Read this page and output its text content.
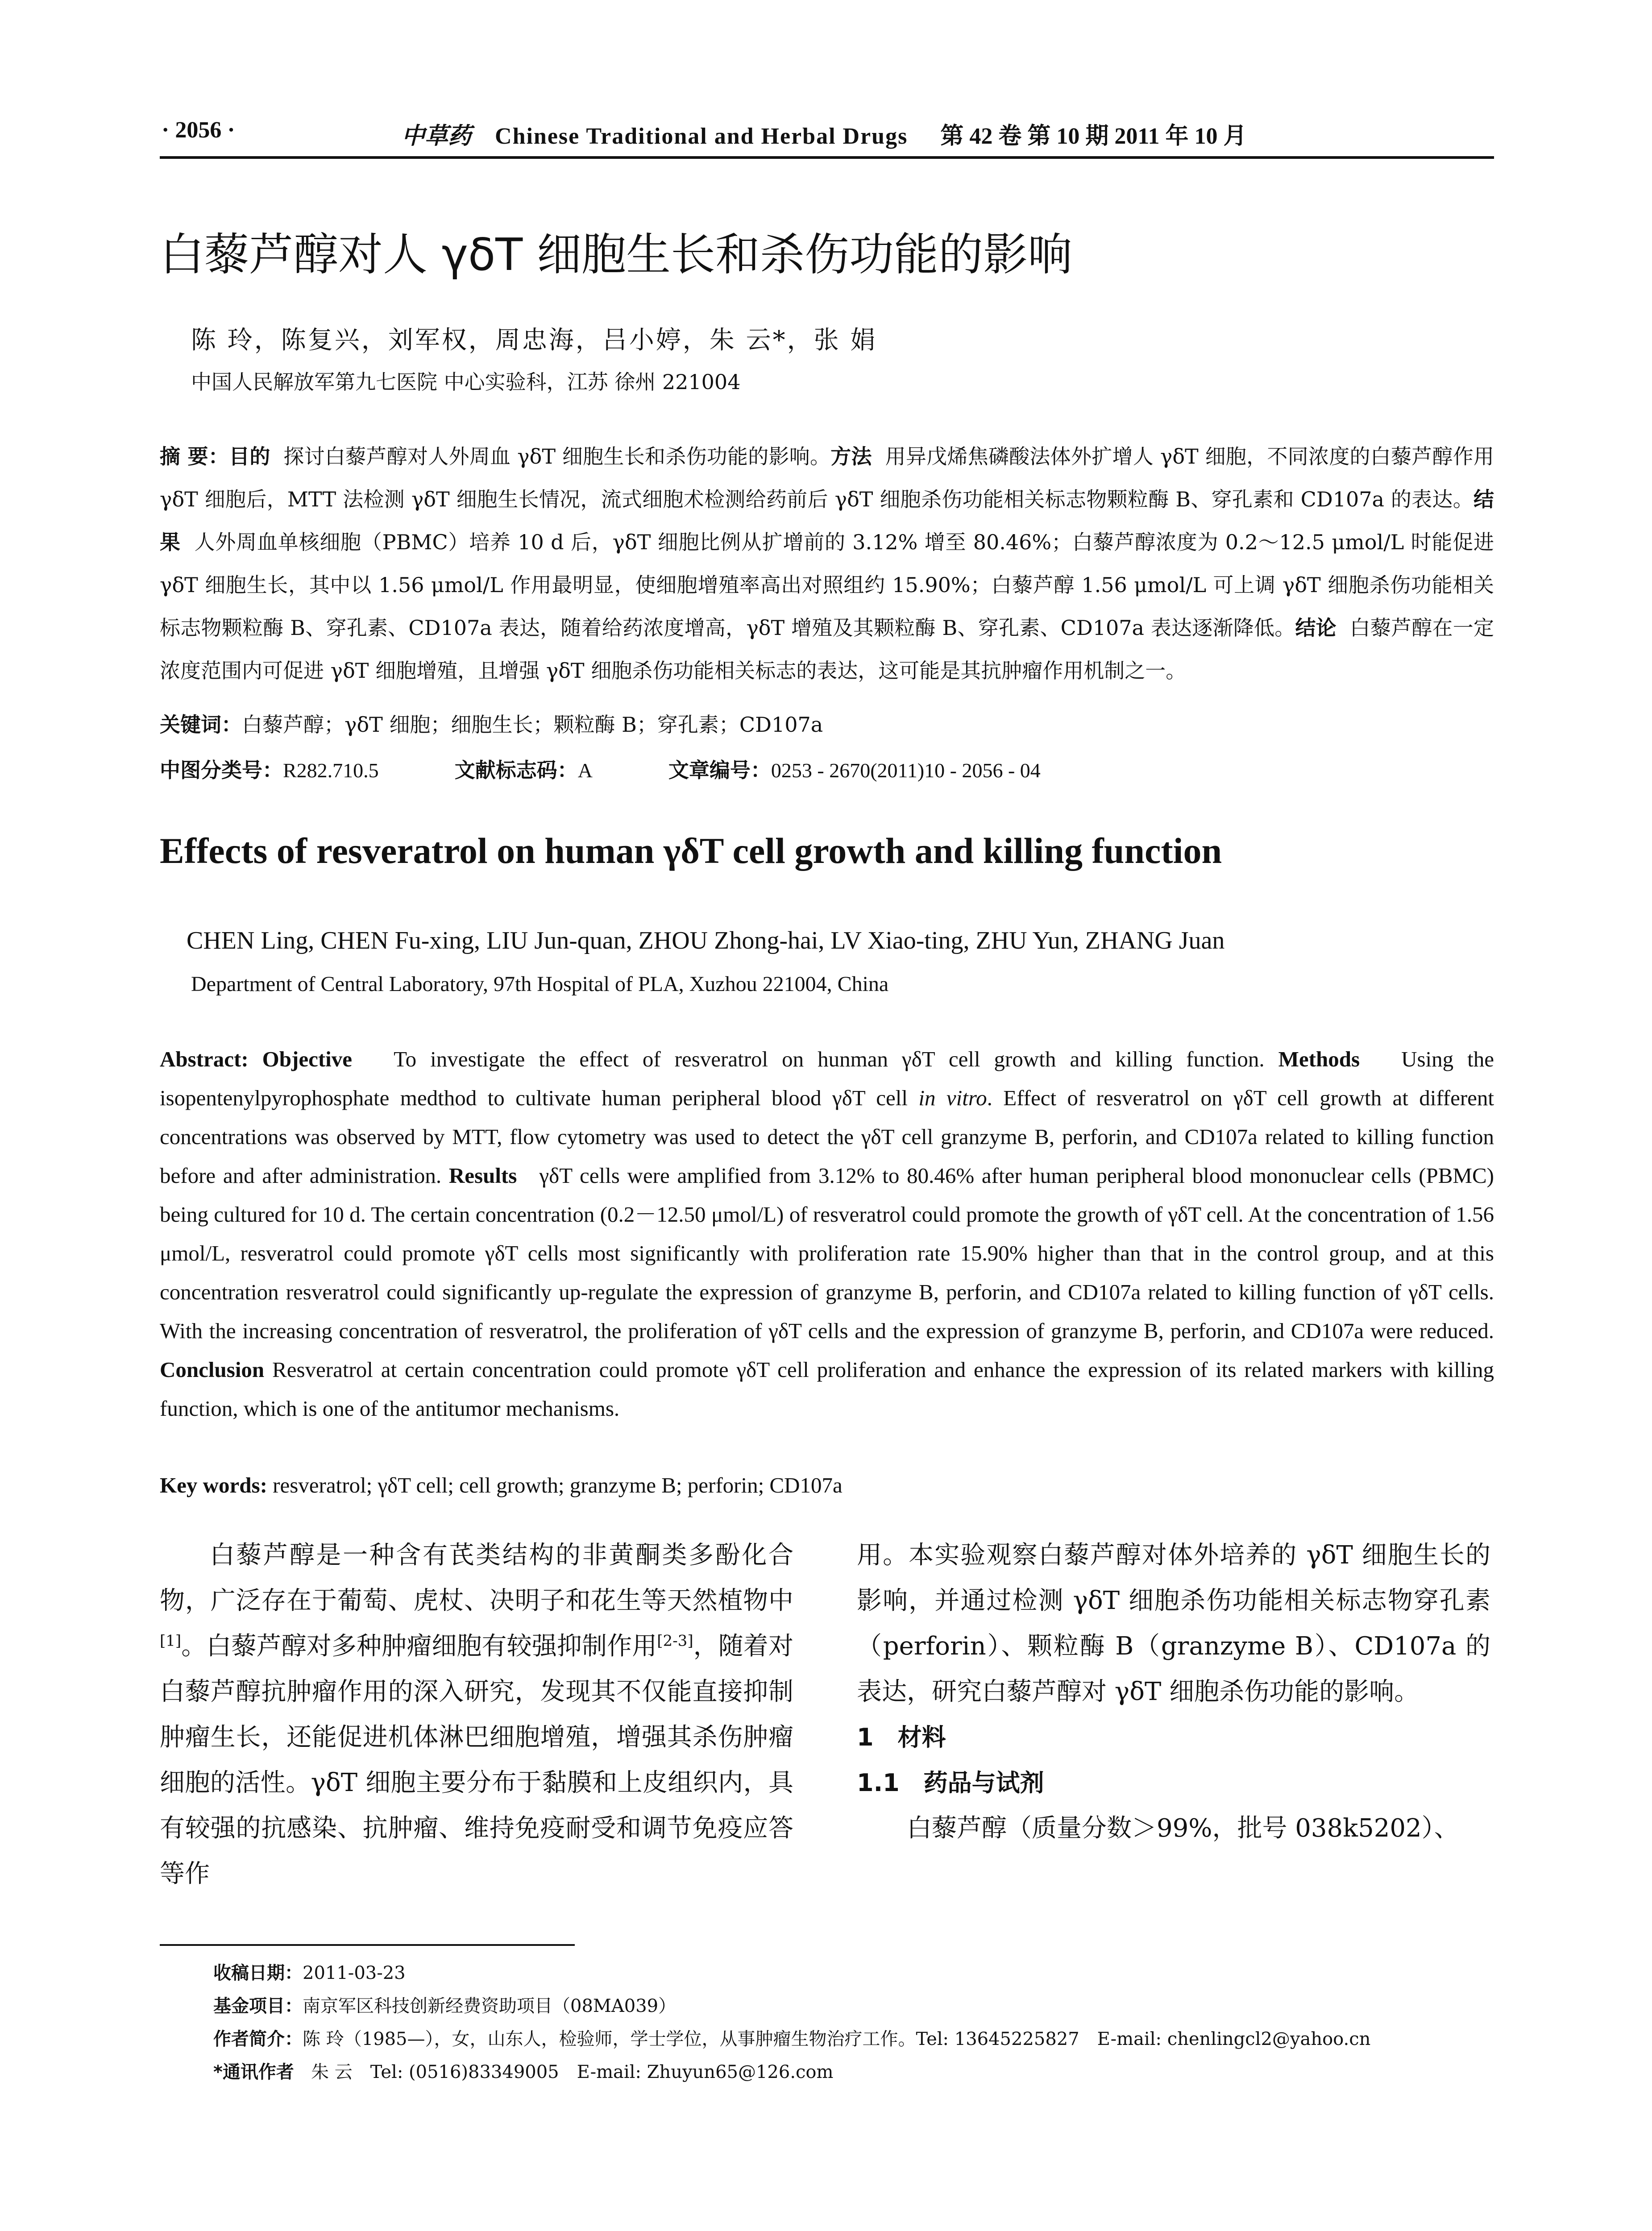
· 2056 ·	中草药 Chinese Traditional and Herbal Drugs 第 42 卷 第 10 期 2011 年 10 月
白藜芦醇对人 γδT 细胞生长和杀伤功能的影响
陈 玲，陈复兴，刘军权，周忠海，吕小婷，朱 云*，张 娟
中国人民解放军第九七医院 中心实验科，江苏 徐州 221004
摘 要：目的 探讨白藜芦醇对人外周血 γδT 细胞生长和杀伤功能的影响。方法 用异戊烯焦磷酸法体外扩增人 γδT 细胞，不同浓度的白藜芦醇作用 γδT 细胞后，MTT 法检测 γδT 细胞生长情况，流式细胞术检测给药前后 γδT 细胞杀伤功能相关标志物颗粒酶 B、穿孔素和 CD107a 的表达。结果 人外周血单核细胞（PBMC）培养 10 d 后，γδT 细胞比例从扩增前的 3.12% 增至 80.46%；白藜芦醇浓度为 0.2～12.5 μmol/L 时能促进 γδT 细胞生长，其中以 1.56 μmol/L 作用最明显，使细胞增殖率高出对照组约 15.90%；白藜芦醇 1.56 μmol/L 可上调 γδT 细胞杀伤功能相关标志物颗粒酶 B、穿孔素、CD107a 表达，随着给药浓度增高，γδT 增殖及其颗粒酶 B、穿孔素、CD107a 表达逐渐降低。结论 白藜芦醇在一定浓度范围内可促进 γδT 细胞增殖，且增强 γδT 细胞杀伤功能相关标志的表达，这可能是其抗肿瘤作用机制之一。
关键词：白藜芦醇；γδT 细胞；细胞生长；颗粒酶 B；穿孔素；CD107a
中图分类号：R282.710.5	文献标志码：A	文章编号：0253 - 2670(2011)10 - 2056 - 04
Effects of resveratrol on human γδT cell growth and killing function
CHEN Ling, CHEN Fu-xing, LIU Jun-quan, ZHOU Zhong-hai, LV Xiao-ting, ZHU Yun, ZHANG Juan
Department of Central Laboratory, 97th Hospital of PLA, Xuzhou 221004, China
Abstract: Objective To investigate the effect of resveratrol on hunman γδT cell growth and killing function. Methods Using the isopentenylpyrophosphate medthod to cultivate human peripheral blood γδT cell in vitro. Effect of resveratrol on γδT cell growth at different concentrations was observed by MTT, flow cytometry was used to detect the γδT cell granzyme B, perforin, and CD107a related to killing function before and after administration. Results γδT cells were amplified from 3.12% to 80.46% after human peripheral blood mononuclear cells (PBMC) being cultured for 10 d. The certain concentration (0.2－12.50 μmol/L) of resveratrol could promote the growth of γδT cell. At the concentration of 1.56 μmol/L, resveratrol could promote γδT cells most significantly with proliferation rate 15.90% higher than that in the control group, and at this concentration resveratrol could significantly up-regulate the expression of granzyme B, perforin, and CD107a related to killing function of γδT cells. With the increasing concentration of resveratrol, the proliferation of γδT cells and the expression of granzyme B, perforin, and CD107a were reduced. Conclusion Resveratrol at certain concentration could promote γδT cell proliferation and enhance the expression of its related markers with killing function, which is one of the antitumor mechanisms.
Key words: resveratrol; γδT cell; cell growth; granzyme B; perforin; CD107a

白藜芦醇是一种含有芪类结构的非黄酮类多酚化合物，广泛存在于葡萄、虎杖、决明子和花生等天然植物中[1]。白藜芦醇对多种肿瘤细胞有较强抑制作用[2-3]，随着对白藜芦醇抗肿瘤作用的深入研究，发现其不仅能直接抑制肿瘤生长，还能促进机体淋巴细胞增殖，增强其杀伤肿瘤细胞的活性。γδT 细胞主要分布于黏膜和上皮组织内，具有较强的抗感染、抗肿瘤、维持免疫耐受和调节免疫应答等作

用。本实验观察白藜芦醇对体外培养的 γδT 细胞生长的影响，并通过检测 γδT 细胞杀伤功能相关标志物穿孔素（perforin）、颗粒酶 B（granzyme B）、CD107a 的表达，研究白藜芦醇对 γδT 细胞杀伤功能的影响。

1　材料

1.1　药品与试剂

白藜芦醇（质量分数＞99%，批号 038k5202）、

收稿日期：2011-03-23
基金项目：南京军区科技创新经费资助项目（08MA039）
作者简介：陈 玲（1985—），女，山东人，检验师，学士学位，从事肿瘤生物治疗工作。Tel: 13645225827　E-mail: chenlingcl2@yahoo.cn
*通讯作者 朱 云　Tel: (0516)83349005　E-mail: Zhuyun65@126.com
